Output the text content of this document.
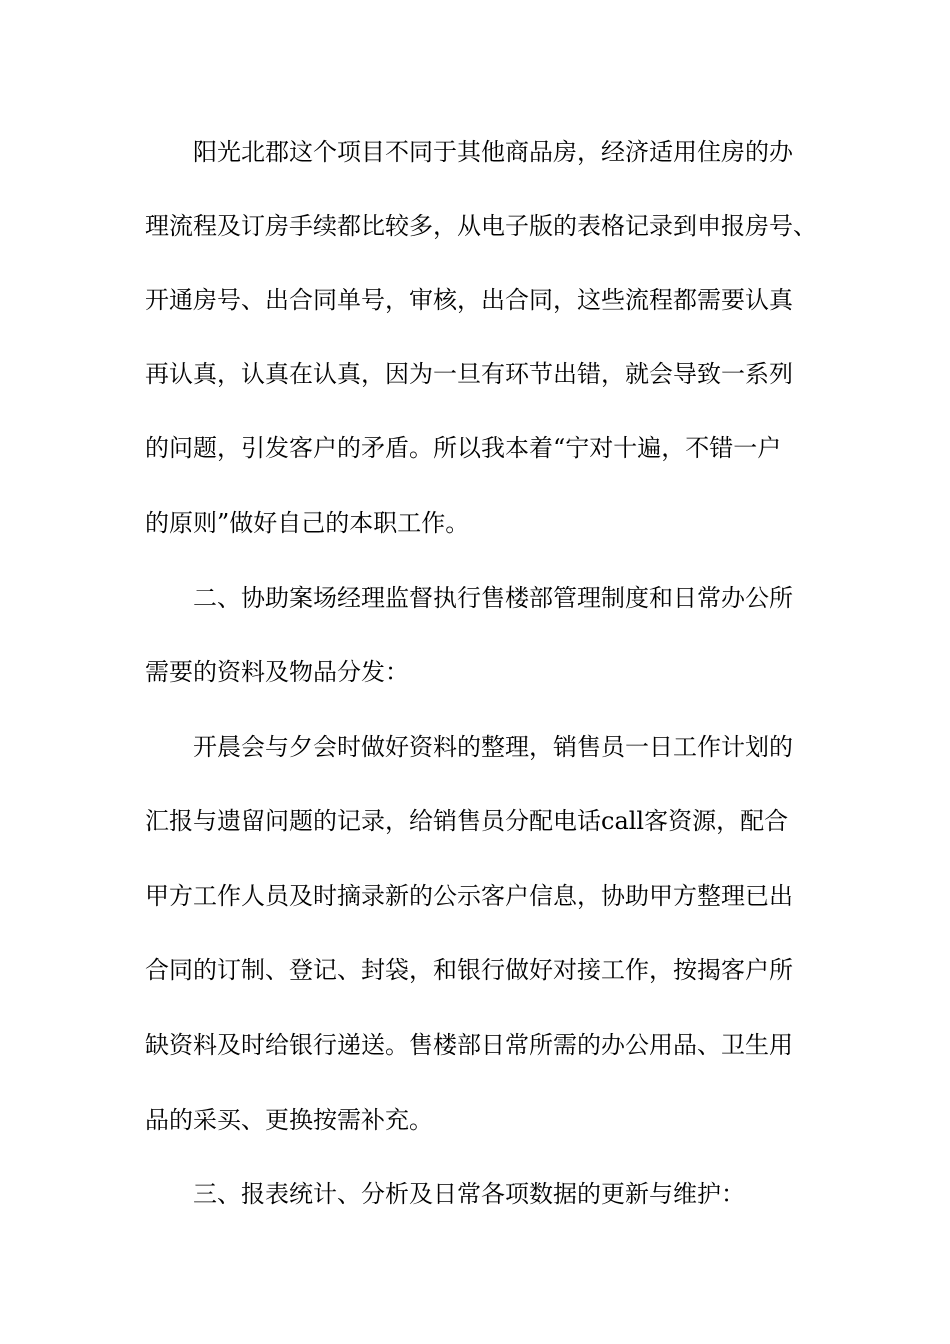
阳光北郡这个项目不同于其他商品房，经济适用住房的办
理流程及订房手续都比较多，从电子版的表格记录到申报房号、
开通房号、出合同单号，审核，出合同，这些流程都需要认真
再认真，认真在认真，因为一旦有环节出错，就会导致一系列
的问题，引发客户的矛盾。所以我本着“宁对十遍，不错一户
的原则”做好自己的本职工作。
二、协助案场经理监督执行售楼部管理制度和日常办公所
需要的资料及物品分发：
开晨会与夕会时做好资料的整理，销售员一日工作计划的
汇报与遗留问题的记录，给销售员分配电话call客资源，配合
甲方工作人员及时摘录新的公示客户信息，协助甲方整理已出
合同的订制、登记、封袋，和银行做好对接工作，按揭客户所
缺资料及时给银行递送。售楼部日常所需的办公用品、卫生用
品的采买、更换按需补充。
三、报表统计、分析及日常各项数据的更新与维护：
